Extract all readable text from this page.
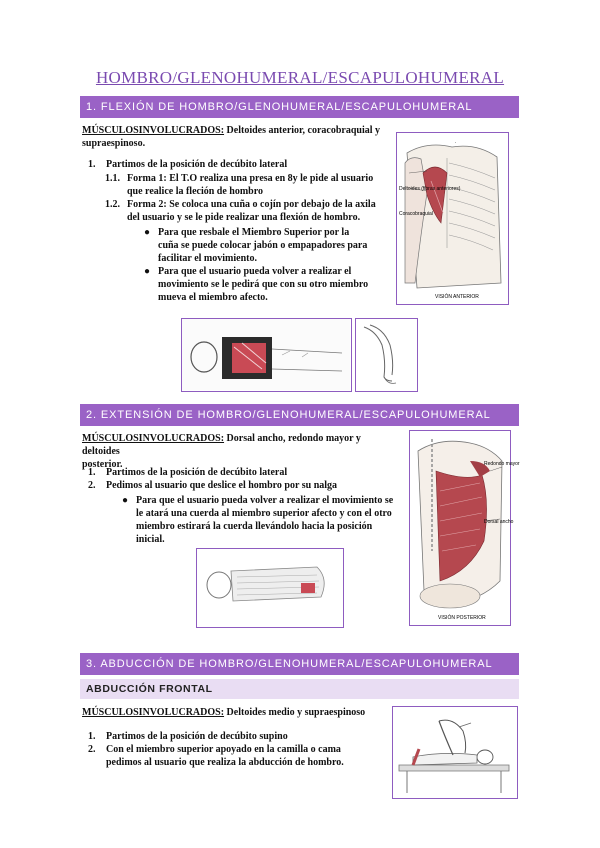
HOMBRO/GLENOHUMERAL/ESCAPULOHUMERAL
1. FLEXIÓN DE HOMBRO/GLENOHUMERAL/ESCAPULOHUMERAL
MÚSCULOSINVOLUCRADOS: Deltoides anterior, coracobraquial y
supraespinoso.
1. Partimos de la posición de decúbito lateral
1.1. Forma 1: El T.O realiza una presa en 8y le pide al usuario
que realice la fleción de hombro
1.2. Forma 2: Se coloca una cuña o cojín por debajo de la axila
del usuario y se le pide realizar una flexión de hombro.
● Para que resbale el Miembro Superior por la
cuña se puede colocar jabón o empapadores para
facilitar el movimiento.
● Para que el usuario pueda volver a realizar el
movimiento se le pedirá que con su otro miembro
mueva el miembro afecto.
Deltoides (fibras anteriores)
Coracobraquial
.
VISIÓN ANTERIOR
2. EXTENSIÓN DE HOMBRO/GLENOHUMERAL/ESCAPULOHUMERAL
MÚSCULOSINVOLUCRADOS: Dorsal ancho, redondo mayor y deltoides
posterior.
1. Partimos de la posición de decúbito lateral
2. Pedimos al usuario que deslice el hombro por su nalga
● Para que el usuario pueda volver a realizar el movimiento se
le atará una cuerda al miembro superior afecto y con el otro
miembro estirará la cuerda llevándolo hacia la posición
inicial.
Redondo mayor
Dorsal ancho
VISIÓN POSTERIOR
3. ABDUCCIÓN DE HOMBRO/GLENOHUMERAL/ESCAPULOHUMERAL
ABDUCCIÓN FRONTAL
MÚSCULOSINVOLUCRADOS: Deltoides medio y supraespinoso
1. Partimos de la posición de decúbito supino
2. Con el miembro superior apoyado en la camilla o cama
pedimos al usuario que realiza la abducción de hombro.
